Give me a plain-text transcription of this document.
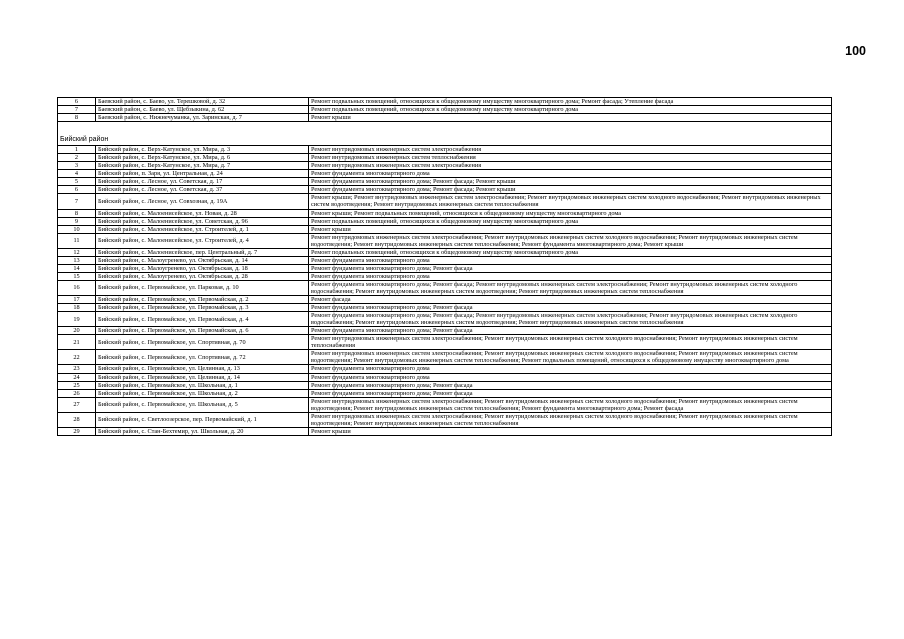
100
6	Баевский район, с. Баево, ул. Терешковой, д. 32	Ремонт подвальных помещений, относящихся к общедомовому имуществу многоквартирного дома; Ремонт фасада; Утепление фасада
7	Баевский район, с. Баево, ул. Щебзыкина, д. 62	Ремонт подвальных помещений, относящихся к общедомовому имуществу многоквартирного дома
8	Баевский район, с. Нижнечуманка, ул. Заринская, д. 7	Ремонт крыши

Бийский район		
1	Бийский район, с. Верх-Катунское, ул. Мира, д. 3	Ремонт внутридомовых инженерных систем электроснабжения
2	Бийский район, с. Верх-Катунское, ул. Мира, д. 6	Ремонт внутридомовых инженерных систем теплоснабжения
3	Бийский район, с. Верх-Катунское, ул. Мира, д. 7	Ремонт внутридомовых инженерных систем электроснабжения
4	Бийский район, п. Заря, ул. Центральная, д. 24	Ремонт фундамента многоквартирного дома
5	Бийский район, с. Лесное, ул. Советская, д. 17	Ремонт фундамента многоквартирного дома; Ремонт фасада; Ремонт крыши
6	Бийский район, с. Лесное, ул. Советская, д. 37	Ремонт фундамента многоквартирного дома; Ремонт фасада; Ремонт крыши
7	Бийский район, с. Лесное, ул. Совхозная, д. 19А	Ремонт крыши; Ремонт внутридомовых инженерных систем электроснабжения; Ремонт внутридомовых инженерных систем холодного водоснабжения; Ремонт внутридомовых инженерных систем водоотведения; Ремонт внутридомовых инженерных систем теплоснабжения
8	Бийский район, с. Малоенисейское, ул. Новая, д. 28	Ремонт крыши; Ремонт подвальных помещений, относящихся к общедомовому имуществу многоквартирного дома
9	Бийский район, с. Малоенисейское, ул. Советская, д. 96	Ремонт подвальных помещений, относящихся к общедомовому имуществу многоквартирного дома
10	Бийский район, с. Малоенисейское, ул. Строителей, д. 1	Ремонт крыши
11	Бийский район, с. Малоенисейское, ул. Строителей, д. 4	Ремонт внутридомовых инженерных систем электроснабжения; Ремонт внутридомовых инженерных систем холодного водоснабжения; Ремонт внутридомовых инженерных систем водоотведения; Ремонт внутридомовых инженерных систем теплоснабжения; Ремонт фундамента многоквартирного дома; Ремонт крыши
12	Бийский район, с. Малоенисейское, пер. Центральный, д. 7	Ремонт подвальных помещений, относящихся к общедомовому имуществу многоквартирного дома
13	Бийский район, с. Малоугренево, ул. Октябрьская, д. 14	Ремонт фундамента многоквартирного дома
14	Бийский район, с. Малоугренево, ул. Октябрьская, д. 18	Ремонт фундамента многоквартирного дома; Ремонт фасада
15	Бийский район, с. Малоугренево, ул. Октябрьская, д. 28	Ремонт фундамента многоквартирного дома
16	Бийский район, с. Первомайское, ул. Парковая, д. 10	Ремонт фундамента многоквартирного дома; Ремонт фасада; Ремонт внутридомовых инженерных систем электроснабжения; Ремонт внутридомовых инженерных систем холодного водоснабжения; Ремонт внутридомовых инженерных систем водоотведения; Ремонт внутридомовых инженерных систем теплоснабжения
17	Бийский район, с. Первомайское, ул. Первомайская, д. 2	Ремонт фасада
18	Бийский район, с. Первомайское, ул. Первомайская, д. 3	Ремонт фундамента многоквартирного дома; Ремонт фасада
19	Бийский район, с. Первомайское, ул. Первомайская, д. 4	Ремонт фундамента многоквартирного дома; Ремонт фасада; Ремонт внутридомовых инженерных систем электроснабжения; Ремонт внутридомовых инженерных систем холодного водоснабжения; Ремонт внутридомовых инженерных систем водоотведения; Ремонт внутридомовых инженерных систем теплоснабжения
20	Бийский район, с. Первомайское, ул. Первомайская, д. 6	Ремонт фундамента многоквартирного дома; Ремонт фасада
21	Бийский район, с. Первомайское, ул. Спортивная, д. 70	Ремонт внутридомовых инженерных систем электроснабжения; Ремонт внутридомовых инженерных систем холодного водоснабжения; Ремонт внутридомовых инженерных систем теплоснабжения
22	Бийский район, с. Первомайское, ул. Спортивная, д. 72	Ремонт внутридомовых инженерных систем электроснабжения; Ремонт внутридомовых инженерных систем холодного водоснабжения; Ремонт внутридомовых инженерных систем водоотведения; Ремонт внутридомовых инженерных систем теплоснабжения; Ремонт подвальных помещений, относящихся к общедомовому имуществу многоквартирного дома
23	Бийский район, с. Первомайское, ул. Целинная, д. 13	Ремонт фундамента многоквартирного дома
24	Бийский район, с. Первомайское, ул. Целинная, д. 14	Ремонт фундамента многоквартирного дома
25	Бийский район, с. Первомайское, ул. Школьная, д. 1	Ремонт фундамента многоквартирного дома; Ремонт фасада
26	Бийский район, с. Первомайское, ул. Школьная, д. 2	Ремонт фундамента многоквартирного дома; Ремонт фасада
27	Бийский район, с. Первомайское, ул. Школьная, д. 5	Ремонт внутридомовых инженерных систем электроснабжения; Ремонт внутридомовых инженерных систем холодного водоснабжения; Ремонт внутридомовых инженерных систем водоотведения; Ремонт внутридомовых инженерных систем теплоснабжения; Ремонт фундамента многоквартирного дома; Ремонт фасада
28	Бийский район, с. Светлоозерское, пер. Первомайский, д. 1	Ремонт внутридомовых инженерных систем электроснабжения; Ремонт внутридомовых инженерных систем холодного водоснабжения; Ремонт внутридомовых инженерных систем водоотведения; Ремонт внутридомовых инженерных систем теплоснабжения
29	Бийский район, с. Стан-Бехтемир, ул. Школьная, д. 20	Ремонт крыши
